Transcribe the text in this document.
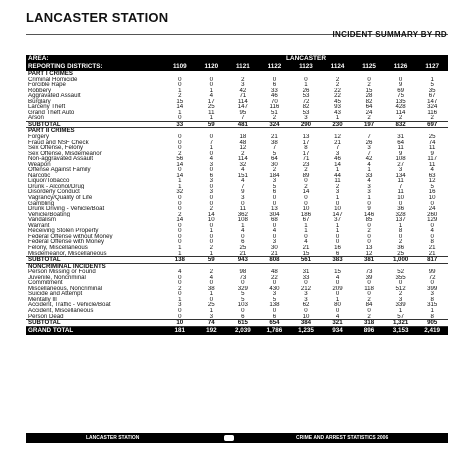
LANCASTER STATION
INCIDENT SUMMARY BY RD
AREA:	LANCASTER								
REPORTING DISTRICTS:	1109	1120	1121	1122	1123	1124	1125	1126	1127
PART I CRIMES									
Criminal Homicide	0	0	2	0	0	2	0	0	1
Forcible Rape	0	0	3	6	1	2	2	9	5
Robbery	1	1	42	33	26	22	15	69	35
Aggravated Assault	2	4	71	46	53	22	28	75	67
Burglary	15	17	114	70	72	45	82	135	147
Larceny Theft	14	25	147	116	82	93	64	428	324
Grand Theft Auto	1	11	95	51	53	43	24	114	116
Arson	0	1	7	2	3	1	2	2	2
SUBTOTAL	33	59	481	324	290	230	197	832	697
PART II CRIMES									
Forgery	0	0	18	21	13	12	7	31	25
Fraud and NSF Check	0	7	48	38	17	21	26	64	74
Sex Offense, Felony	0	1	12	7	8	7	3	11	11
Sex Offense, Misdemeanor	2	0	2	5	17	3	7	9	9
Non-aggravated Assault	56	4	114	64	71	46	42	108	117
Weapon	14	3	32	30	23	14	4	27	11
Offense Against Family	0	0	4	2	2	1	1	3	4
Narcotic	14	6	151	184	89	44	33	134	63
Liquor/Tobacco	1	3	4	3	0	11	4	11	12
Drunk - Alcohol/Drug	1	0	7	5	2	2	3	7	5
Disorderly Conduct	32	3	9	6	14	3	3	11	16
Vagrancy/Quality of Life	0	0	3	0	0	1	1	10	10
Gambling	0	0	0	0	0	0	0	0	0
Drunk Driving - Vehicle/Boat	0	2	11	13	10	10	9	36	24
Vehicle/Boating	2	14	362	304	186	147	146	328	260
Vandalism	14	10	108	68	67	37	85	137	129
Warrant	0	0	1	0	1	1	0	1	0
Receiving Stolen Property	0	1	4	4	1	1	2	8	4
Federal Offense without Money	0	0	0	0	0	0	0	0	0
Federal Offense with Money	0	0	6	3	4	0	0	2	8
Felony, Miscellaneous	1	2	25	30	21	16	13	36	21
Misdemeanor, Miscellaneous	1	1	21	21	15	6	12	25	21
SUBTOTAL	138	59	943	808	561	383	381	1,000	817
NONCRIMINAL INCIDENTS									
Person Missing or Found	4	2	98	48	31	15	73	52	99
Juvenile, Noncriminal	0	4	73	22	33	4	39	355	72
Commitment	0	0	0	0	0	0	0	0	0
Miscellaneous, Noncriminal	2	38	329	430	212	209	118	512	399
Suicide and Attempt	0	1	5	3	3	0	0	2	3
Mentally Ill	1	0	5	5	3	1	2	3	8
Accident, Traffic - Vehicle/Boat	3	25	103	138	62	80	84	339	315
Accident, Miscellaneous	0	1	0	0	0	0	0	1	1
Person Dead	0	3	6	6	10	4	2	57	8
SUBTOTAL	10	74	615	654	384	321	318	1,321	905
GRAND TOTAL	181	192	2,039	1,786	1,235	934	896	3,153	2,419
LANCASTER STATION	CRIME AND ARREST STATISTICS 2006
